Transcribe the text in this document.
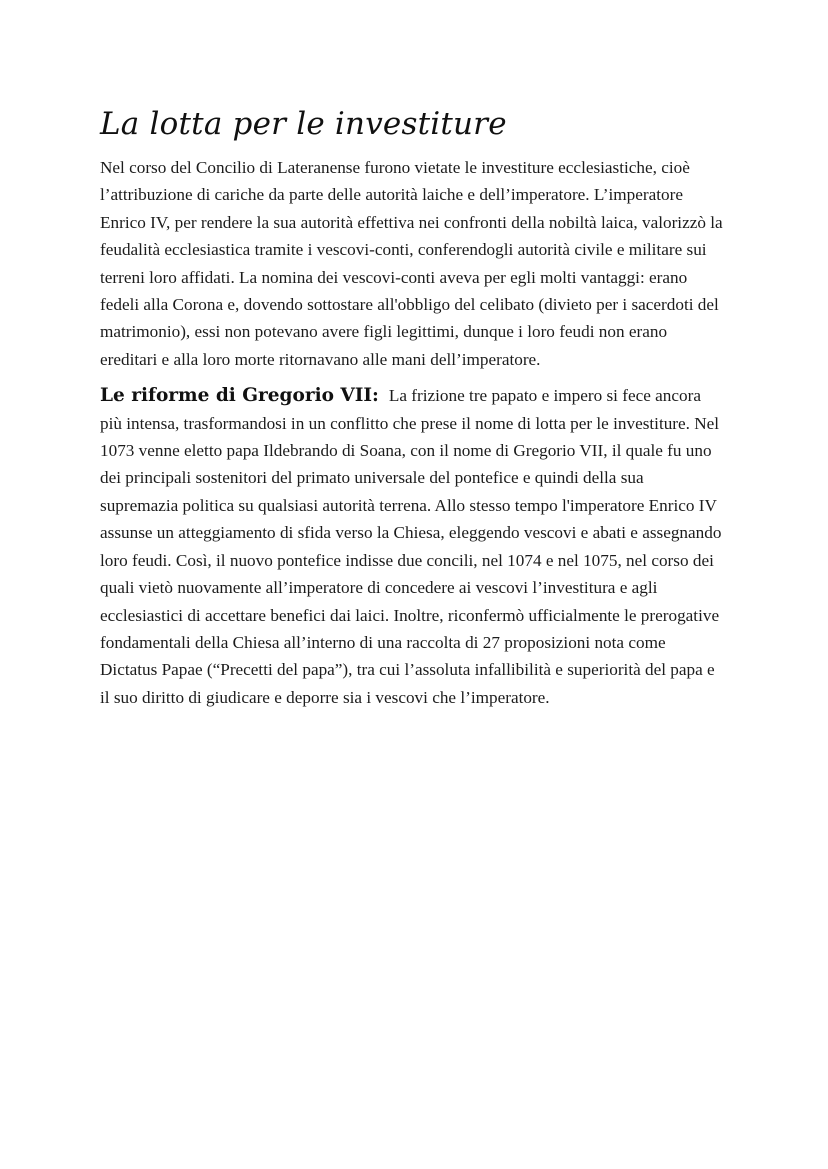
La lotta per le investiture

Nel corso del Concilio di Lateranense furono vietate le investiture ecclesiastiche, cioè l’attribuzione di cariche da parte delle autorità laiche e dell’imperatore. L’imperatore Enrico IV, per rendere la sua autorità effettiva nei confronti della nobiltà laica, valorizzò la feudalità ecclesiastica tramite i vescovi-conti, conferendogli autorità civile e militare sui terreni loro affidati. La nomina dei vescovi-conti aveva per egli molti vantaggi: erano fedeli alla Corona e, dovendo sottostare all'obbligo del celibato (divieto per i sacerdoti del matrimonio), essi non potevano avere figli legittimi, dunque i loro feudi non erano ereditari e alla loro morte ritornavano alle mani dell’imperatore.

Le riforme di Gregorio VII: La frizione tre papato e impero si fece ancora più intensa, trasformandosi in un conflitto che prese il nome di lotta per le investiture. Nel 1073 venne eletto papa Ildebrando di Soana, con il nome di Gregorio VII, il quale fu uno dei principali sostenitori del primato universale del pontefice e quindi della sua supremazia politica su qualsiasi autorità terrena. Allo stesso tempo l'imperatore Enrico IV assunse un atteggiamento di sfida verso la Chiesa, eleggendo vescovi e abati e assegnando loro feudi. Così, il nuovo pontefice indisse due concili, nel 1074 e nel 1075, nel corso dei quali vietò nuovamente all’imperatore di concedere ai vescovi l’investitura e agli ecclesiastici di accettare benefici dai laici. Inoltre, riconfermò ufficialmente le prerogative fondamentali della Chiesa all’interno di una raccolta di 27 proposizioni nota come Dictatus Papae (“Precetti del papa”), tra cui l’assoluta infallibilità e superiorità del papa e il suo diritto di giudicare e deporre sia i vescovi che l’imperatore.
